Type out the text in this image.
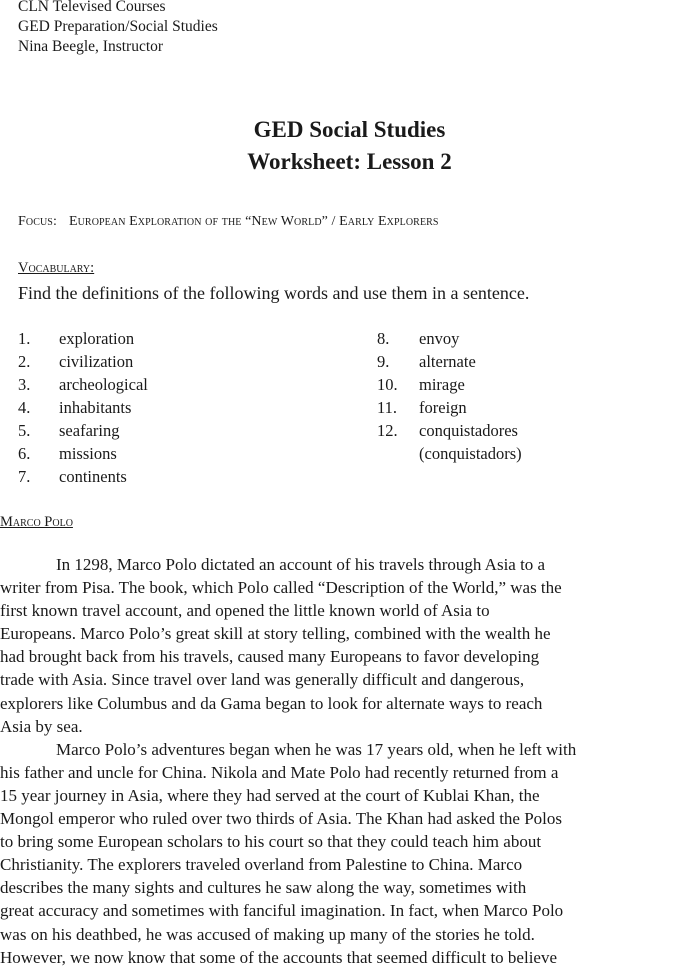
CLN Televised Courses
GED Preparation/Social Studies
Nina Beegle, Instructor
GED Social Studies
Worksheet: Lesson 2
Focus: European Exploration of the “New World” / Early Explorers
Vocabulary:
Find the definitions of the following words and use them in a sentence.
1.	exploration
2.	civilization
3.	archeological
4.	inhabitants
5.	seafaring
6.	missions
7.	continents
8.	envoy
9.	alternate
10.	mirage
11.	foreign
12.	conquistadores
(conquistadors)
Marco Polo
In 1298, Marco Polo dictated an account of his travels through Asia to a
writer from Pisa. The book, which Polo called “Description of the World,” was the
first known travel account, and opened the little known world of Asia to
Europeans. Marco Polo’s great skill at story telling, combined with the wealth he
had brought back from his travels, caused many Europeans to favor developing
trade with Asia. Since travel over land was generally difficult and dangerous,
explorers like Columbus and da Gama began to look for alternate ways to reach
Asia by sea.
Marco Polo’s adventures began when he was 17 years old, when he left with
his father and uncle for China. Nikola and Mate Polo had recently returned from a
15 year journey in Asia, where they had served at the court of Kublai Khan, the
Mongol emperor who ruled over two thirds of Asia. The Khan had asked the Polos
to bring some European scholars to his court so that they could teach him about
Christianity. The explorers traveled overland from Palestine to China. Marco
describes the many sights and cultures he saw along the way, sometimes with
great accuracy and sometimes with fanciful imagination. In fact, when Marco Polo
was on his deathbed, he was accused of making up many of the stories he told.
However, we now know that some of the accounts that seemed difficult to believe
